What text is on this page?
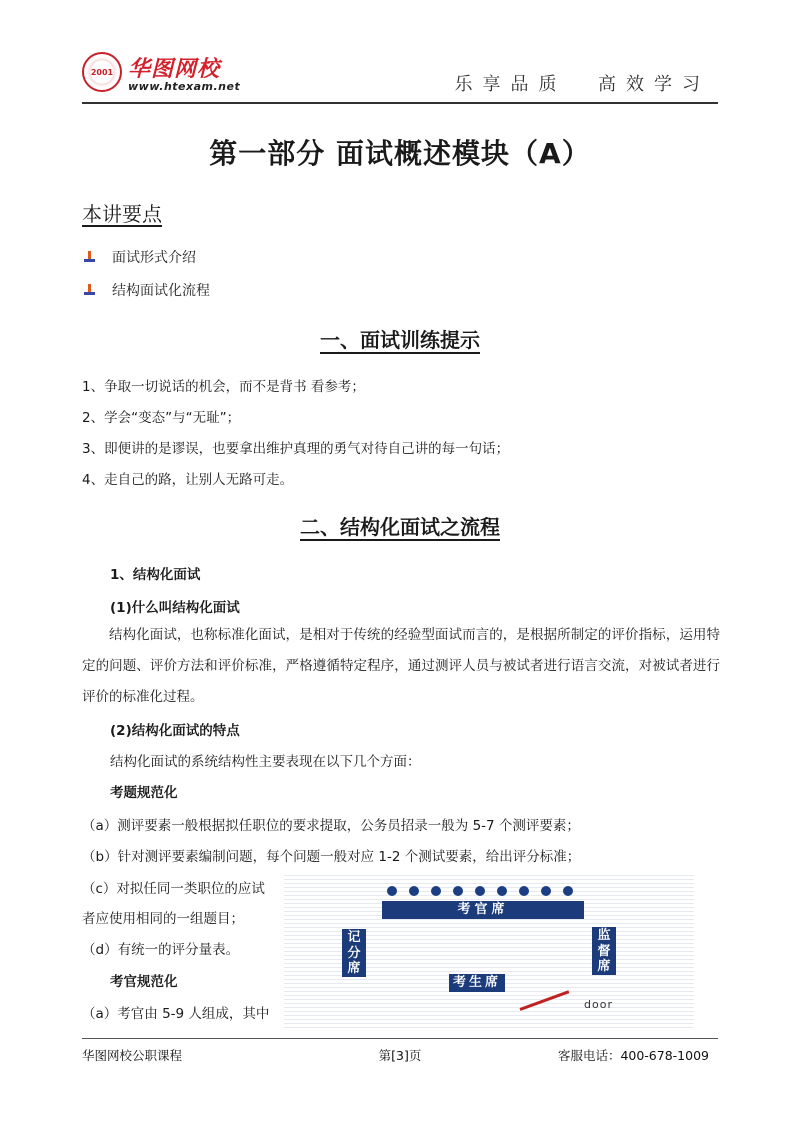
2001 华图网校
www.htexam.net	乐享品质  高效学习
第一部分 面试概述模块（A）
本讲要点
面试形式介绍
结构面试化流程
一、面试训练提示
1、争取一切说话的机会，而不是背书 看参考；
2、学会“变态”与“无耻”；
3、即便讲的是谬误，也要拿出维护真理的勇气对待自己讲的每一句话；
4、走自己的路，让别人无路可走。
二、结构化面试之流程
1、结构化面试
(1)什么叫结构化面试
结构化面试，也称标准化面试，是相对于传统的经验型面试而言的，是根据所制定的评价指标，运用特定的问题、评价方法和评价标准，严格遵循特定程序，通过测评人员与被试者进行语言交流，对被试者进行评价的标准化过程。
(2)结构化面试的特点
结构化面试的系统结构性主要表现在以下几个方面：
考题规范化
（a）测评要素一般根据拟任职位的要求提取，公务员招录一般为 5-7 个测评要素；
（b）针对测评要素编制问题，每个问题一般对应 1-2 个测试要素，给出评分标准；
（c）对拟任同一类职位的应试
者应使用相同的一组题目；
（d）有统一的评分量表。
考官规范化
（a）考官由 5-9 人组成，其中
考官席
记
分
席
监
督
席
考生席
door
华图网校公职课程	第[3]页	客服电话：400-678-1009
